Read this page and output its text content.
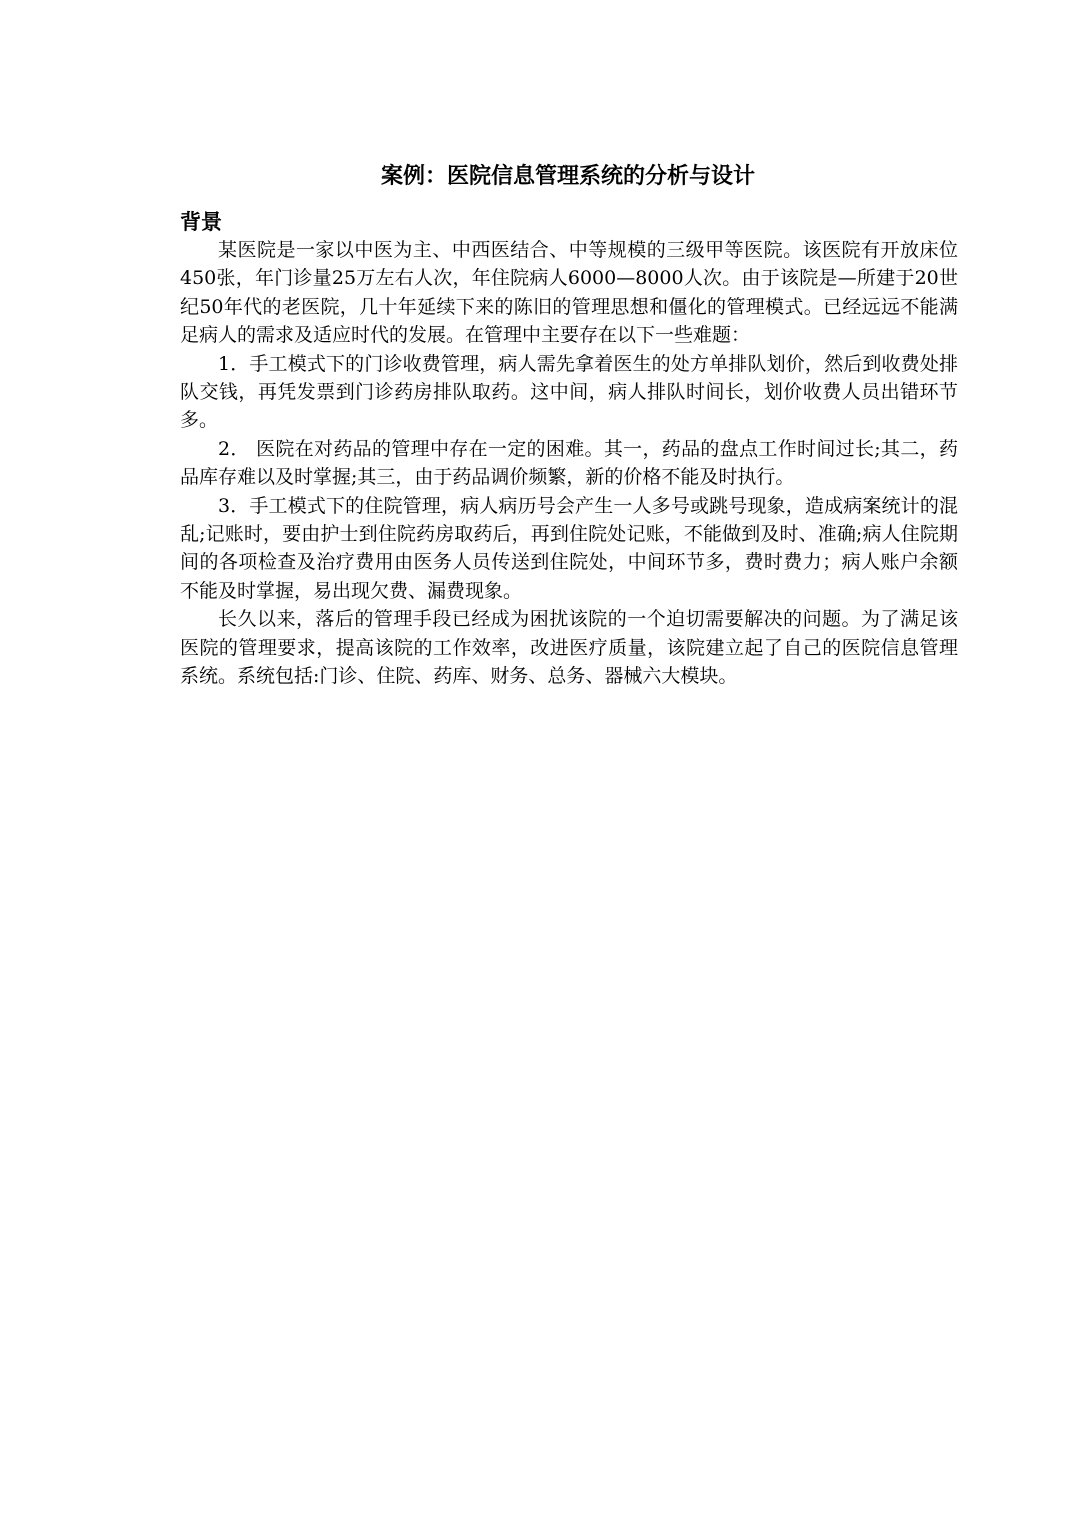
案例：医院信息管理系统的分析与设计
背景

某医院是一家以中医为主、中西医结合、中等规模的三级甲等医院。该医院有开放床位450张，年门诊量25万左右人次，年住院病人6000—8000人次。由于该院是—所建于20世纪50年代的老医院，几十年延续下来的陈旧的管理思想和僵化的管理模式。已经远远不能满足病人的需求及适应时代的发展。在管理中主要存在以下一些难题：

1．手工模式下的门诊收费管理，病人需先拿着医生的处方单排队划价，然后到收费处排队交钱，再凭发票到门诊药房排队取药。这中间，病人排队时间长，划价收费人员出错环节多。

2． 医院在对药品的管理中存在一定的困难。其一，药品的盘点工作时间过长;其二，药品库存难以及时掌握;其三，由于药品调价频繁，新的价格不能及时执行。

3．手工模式下的住院管理，病人病历号会产生一人多号或跳号现象，造成病案统计的混乱;记账时，要由护士到住院药房取药后，再到住院处记账，不能做到及时、准确;病人住院期间的各项检查及治疗费用由医务人员传送到住院处，中间环节多，费时费力；病人账户余额不能及时掌握，易出现欠费、漏费现象。

长久以来，落后的管理手段已经成为困扰该院的一个迫切需要解决的问题。为了满足该医院的管理要求，提高该院的工作效率，改进医疗质量，该院建立起了自己的医院信息管理系统。系统包括:门诊、住院、药库、财务、总务、器械六大模块。
